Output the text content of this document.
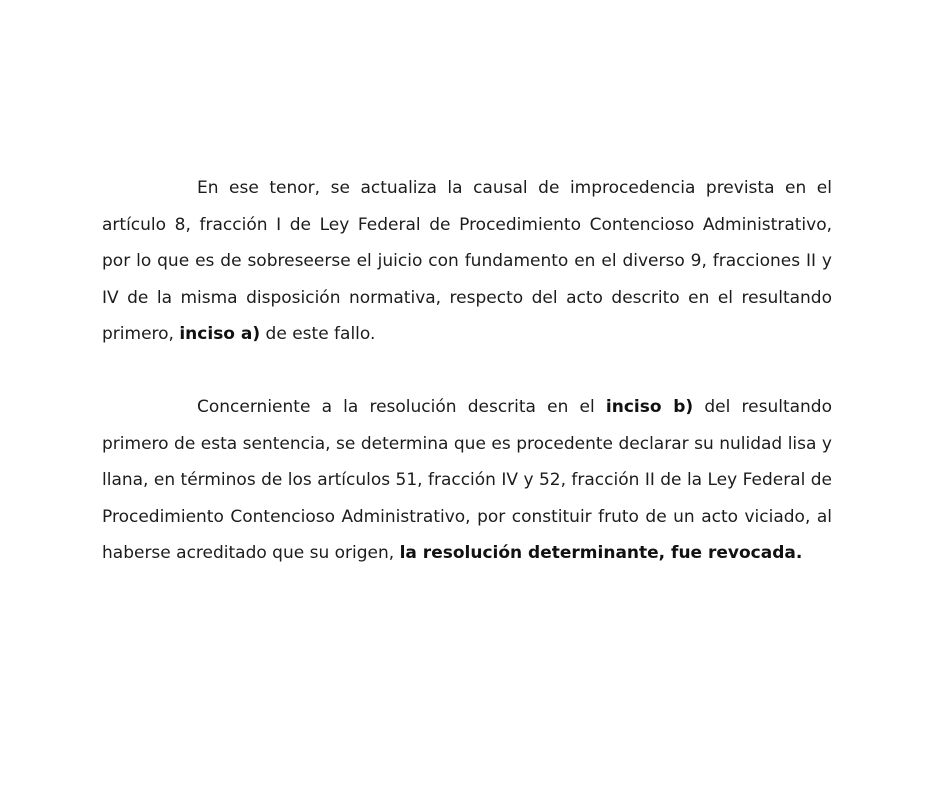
En ese tenor, se actualiza la causal de improcedencia prevista en el artículo 8, fracción I de Ley Federal de Procedimiento Contencioso Administrativo, por lo que es de sobreseerse el juicio con fundamento en el diverso 9, fracciones II y IV de la misma disposición normativa, respecto del acto descrito en el resultando primero, inciso a) de este fallo.

Concerniente a la resolución descrita en el inciso b) del resultando primero de esta sentencia, se determina que es procedente declarar su nulidad lisa y llana, en términos de los artículos 51, fracción IV y 52, fracción II de la Ley Federal de Procedimiento Contencioso Administrativo, por constituir fruto de un acto viciado, al haberse acreditado que su origen, la resolución determinante, fue revocada.
